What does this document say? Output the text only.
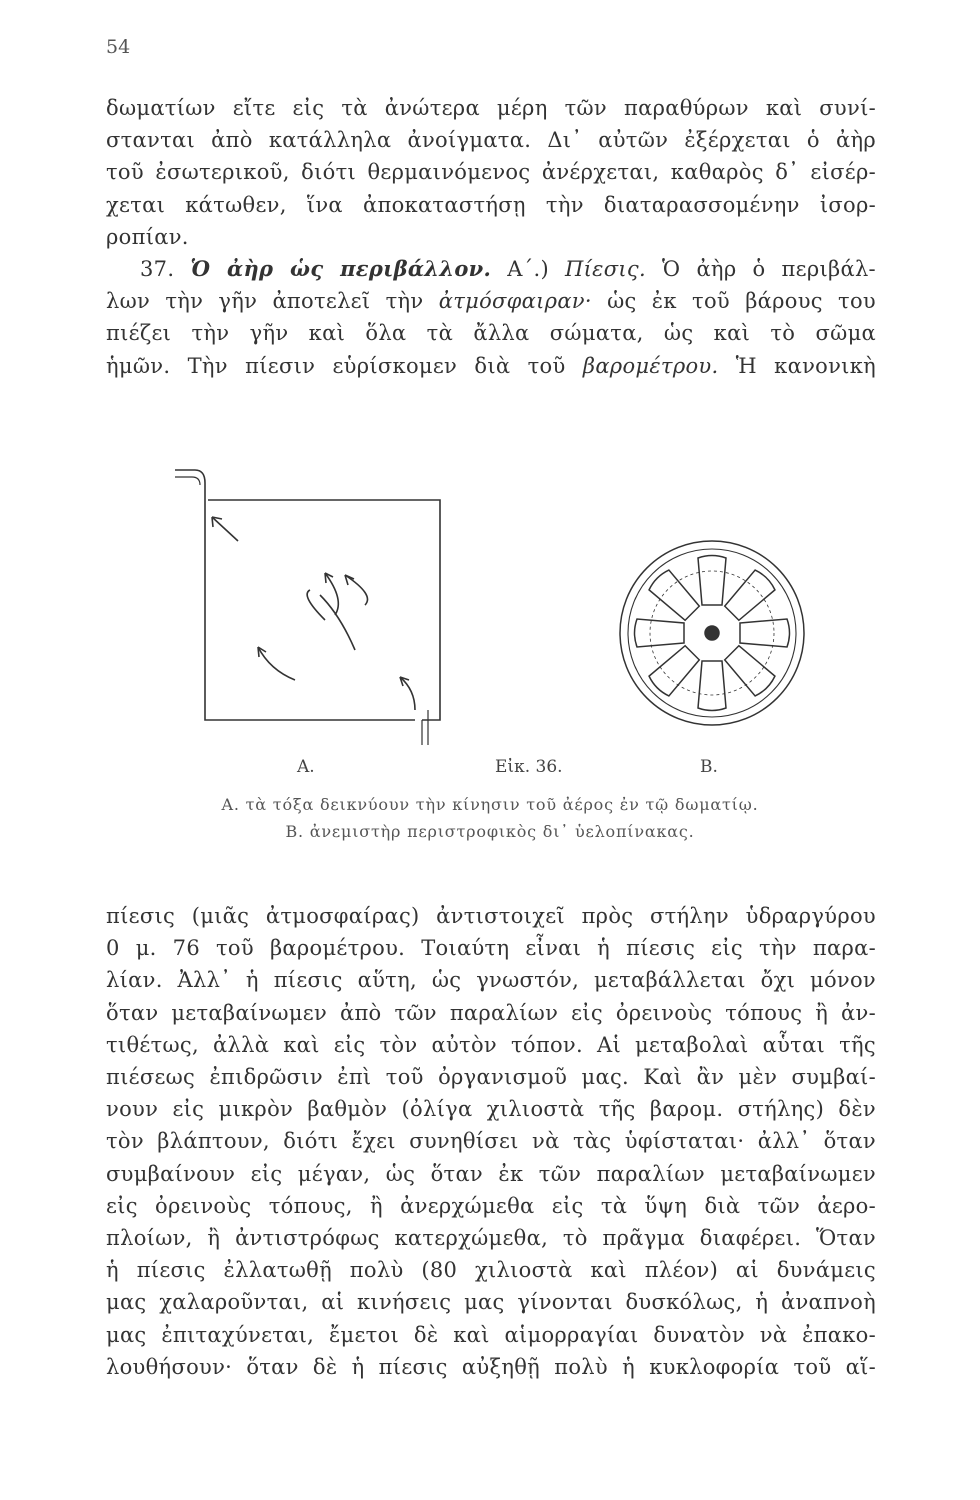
54
δωματίων εἴτε εἰς τὰ ἀνώτερα μέρη τῶν παραθύρων καὶ συνί-
στανται ἀπὸ κατάλληλα ἀνοίγματα. Δι᾽ αὐτῶν ἐξέρχεται ὁ ἀὴρ
τοῦ ἐσωτερικοῦ, διότι θερμαινόμενος ἀνέρχεται, καθαρὸς δ᾽ εἰσέρ-
χεται κάτωθεν, ἵνα ἀποκαταστήσῃ τὴν διαταρασσομένην ἰσορ-
ροπίαν.
37. Ὁ ἀὴρ ὡς περιβάλλον. Α΄.) Πίεσις. Ὁ ἀὴρ ὁ περιβάλ-
λων τὴν γῆν ἀποτελεῖ τὴν ἀτμόσφαιραν· ὡς ἐκ τοῦ βάρους του
πιέζει τὴν γῆν καὶ ὅλα τὰ ἄλλα σώματα, ὡς καὶ τὸ σῶμα
ἡμῶν. Τὴν πίεσιν εὑρίσκομεν διὰ τοῦ βαρομέτρου. Ἡ κανονικὴ
Α.	Εἰκ. 36.	Β.
Α. τὰ τόξα δεικνύουν τὴν κίνησιν τοῦ ἀέρος ἐν τῷ δωματίῳ.
Β. ἀνεμιστὴρ περιστροφικὸς δι᾽ ὑελοπίνακας.
πίεσις (μιᾶς ἀτμοσφαίρας) ἀντιστοιχεῖ πρὸς στήλην ὑδραργύρου
0 μ. 76 τοῦ βαρομέτρου. Τοιαύτη εἶναι ἡ πίεσις εἰς τὴν παρα-
λίαν. Ἀλλ᾽ ἡ πίεσις αὕτη, ὡς γνωστόν, μεταβάλλεται ὄχι μόνον
ὅταν μεταβαίνωμεν ἀπὸ τῶν παραλίων εἰς ὀρεινοὺς τόπους ἢ ἀν-
τιθέτως, ἀλλὰ καὶ εἰς τὸν αὐτὸν τόπον. Αἱ μεταβολαὶ αὗται τῆς
πιέσεως ἐπιδρῶσιν ἐπὶ τοῦ ὀργανισμοῦ μας. Καὶ ἂν μὲν συμβαί-
νουν εἰς μικρὸν βαθμὸν (ὀλίγα χιλιοστὰ τῆς βαρομ. στήλης) δὲν
τὸν βλάπτουν, διότι ἔχει συνηθίσει νὰ τὰς ὑφίσταται· ἀλλ᾽ ὅταν
συμβαίνουν εἰς μέγαν, ὡς ὅταν ἐκ τῶν παραλίων μεταβαίνωμεν
εἰς ὀρεινοὺς τόπους, ἢ ἀνερχώμεθα εἰς τὰ ὕψη διὰ τῶν ἀερο-
πλοίων, ἢ ἀντιστρόφως κατερχώμεθα, τὸ πρᾶγμα διαφέρει. Ὅταν
ἡ πίεσις ἐλλατωθῇ πολὺ (80 χιλιοστὰ καὶ πλέον) αἱ δυνάμεις
μας χαλαροῦνται, αἱ κινήσεις μας γίνονται δυσκόλως, ἡ ἀναπνοὴ
μας ἐπιταχύνεται, ἔμετοι δὲ καὶ αἱμορραγίαι δυνατὸν νὰ ἐπακο-
λουθήσουν· ὅταν δὲ ἡ πίεσις αὐξηθῇ πολὺ ἡ κυκλοφορία τοῦ αἵ-
